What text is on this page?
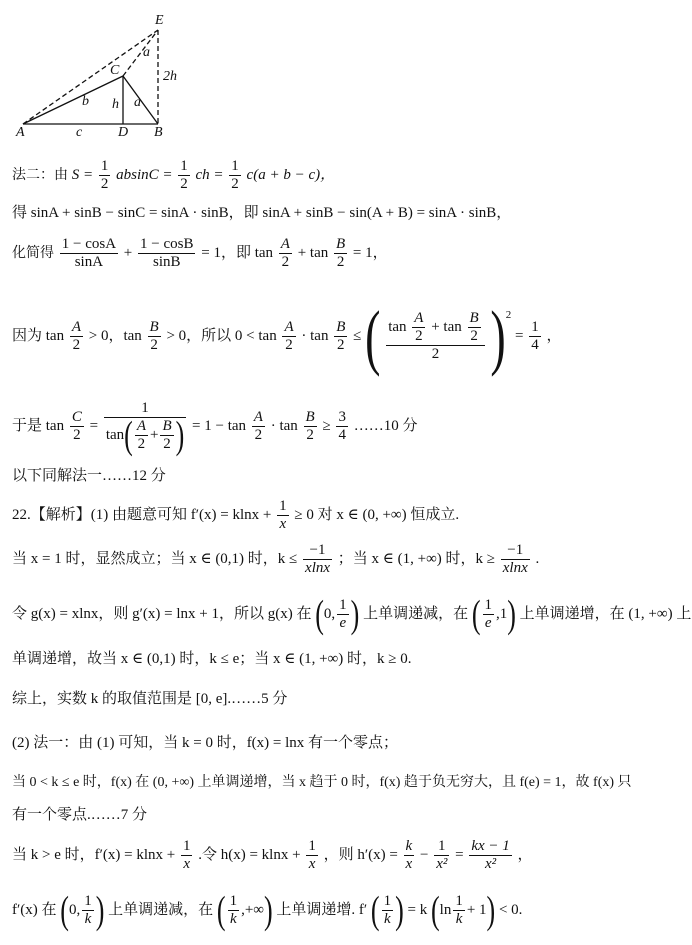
E
C
A	D B
a
a
b h
c
2h
法二：由 $S = \frac{1}{2}$ $absinC = \frac{1}{2}$ ch = $\frac{1}{2} c(a + b - c)$，
得 sinA + sinB − sinC = sinA · sinB，即 sinA + sinB − sin(A + B) = sinA · sinB，
化简得 $\frac{1 - \cos A}{\sin A} + \frac{1 - \cos B}{\sin B} = 1$，即 $\tan \frac{A}{2} + \tan \frac{B}{2} = 1$，
因为 $\tan \frac{A}{2} > 0$，$\tan \frac{B}{2} > 0$，所以 $0 < \tan \frac{A}{2} \cdot \tan \frac{B}{2}$ ≤ ( $\frac{\tan \frac{A}{2} + \tan \frac{B}{2}}{2} )^2 = \frac{1}{4}$ ，
于是 $\tan \frac{C}{2} = \frac{1}{\tan( \frac{A}{2} + \frac{B}{2} )} = 1 - \tan \frac{A}{2} \cdot \tan \frac{B}{2} \ge \frac{3}{4}$ ……10 分
以下同解法一……12 分
22.【解析】(1) 由题意可知 $f'(x) = klnx + \frac{1}{x} \ge 0$ 对 x ∈ (0, +∞) 恒成立.
当 x = 1 时，显然成立；当 x ∈ (0,1) 时，$k \le \frac{-1}{xlnx}$ ；当 x ∈ (1, +∞) 时，$k \ge \frac{-1}{xlnx}$ .
令 g(x) = xlnx，则 g′(x) = lnx + 1，所以 g(x) 在 (0, $\frac{1}{e}$ ) 上单调递减，在 ( $\frac{1}{e} ,1$) 上单调递增，在 (1, +∞) 上
单调递增，故当 x ∈ (0,1) 时，k ≤ e；当 x ∈ (1, +∞) 时，k ≥ 0.
综上，实数 k 的取值范围是 [0, e].……5 分
(2) 法一：由 (1) 可知，当 k = 0 时，f(x) = lnx 有一个零点；
当 0 < k ≤ e 时，f(x) 在 (0, +∞) 上单调递增，当 x 趋于 0 时，f(x) 趋于负无穷大，且 f(e) = 1，故 f(x) 只
有一个零点.……7 分
当 k > e 时，$f'(x) = klnx + \frac{1}{x}$ .令 $h(x) = klnx + \frac{1}{x}$ ，则 $h'(x) = \frac{k}{x} - \frac{1}{\text{x²}} = \frac{kx - 1}{\text{x²}}$ ，
f′(x) 在 (0, $\frac{1}{k}$ ) 上单调递减，在 ( $\frac{1}{k}$ ,+∞) 上单调递增. f′ ( $\frac{1}{k}$ ) = k $(\ln \frac{1}{k} + 1) < 0$.
